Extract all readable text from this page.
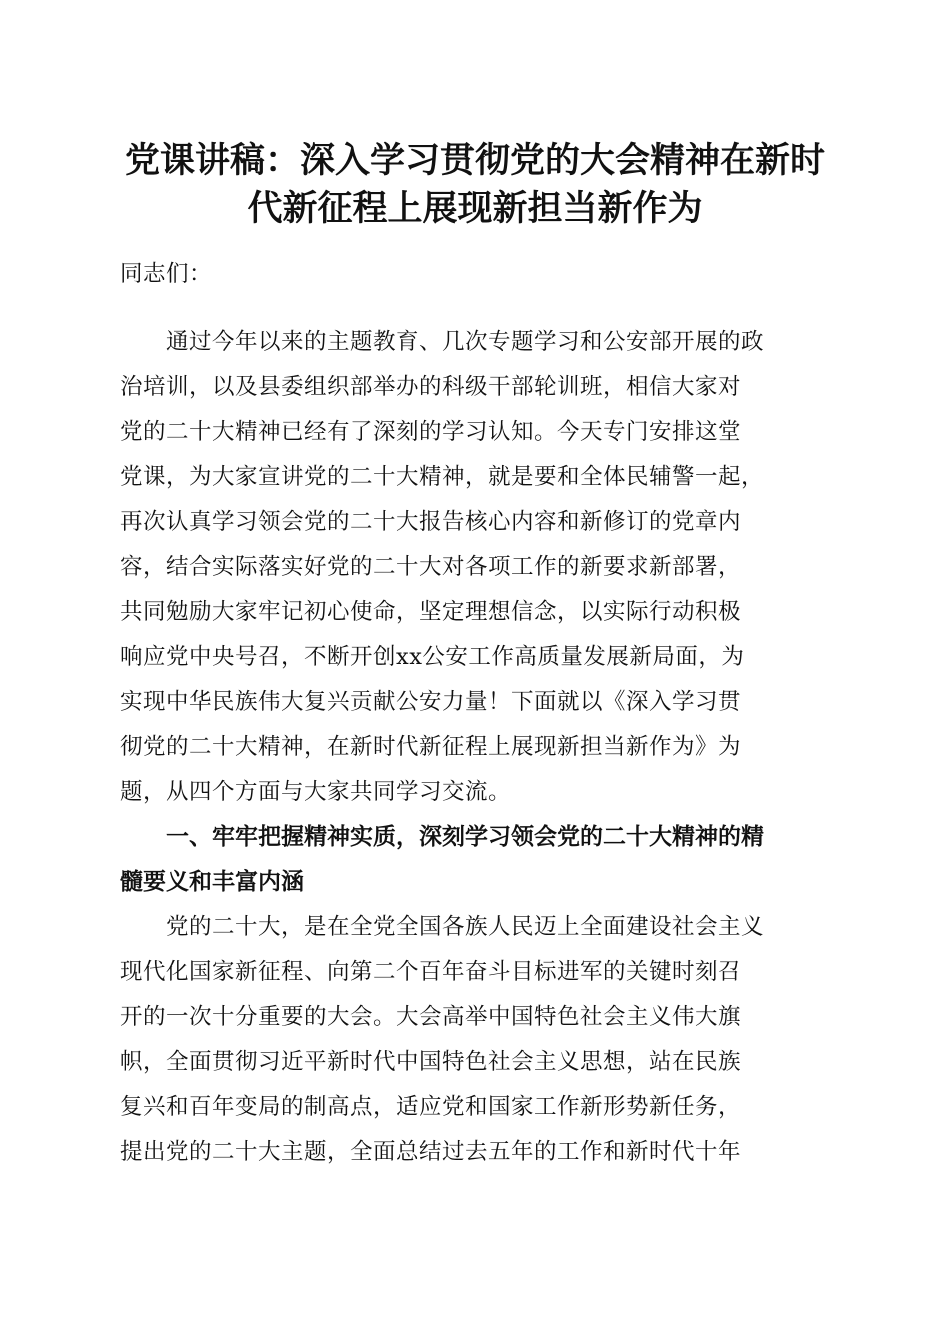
党课讲稿：深入学习贯彻党的大会精神在新时
代新征程上展现新担当新作为

同志们：

　　通过今年以来的主题教育、几次专题学习和公安部开展的政

治培训，以及县委组织部举办的科级干部轮训班，相信大家对

党的二十大精神已经有了深刻的学习认知。今天专门安排这堂

党课，为大家宣讲党的二十大精神，就是要和全体民辅警一起，

再次认真学习领会党的二十大报告核心内容和新修订的党章内

容，结合实际落实好党的二十大对各项工作的新要求新部署，

共同勉励大家牢记初心使命，坚定理想信念，以实际行动积极

响应党中央号召，不断开创xx公安工作高质量发展新局面，为

实现中华民族伟大复兴贡献公安力量！下面就以《深入学习贯

彻党的二十大精神，在新时代新征程上展现新担当新作为》为

题，从四个方面与大家共同学习交流。

　　一、牢牢把握精神实质，深刻学习领会党的二十大精神的精

髓要义和丰富内涵

　　党的二十大，是在全党全国各族人民迈上全面建设社会主义

现代化国家新征程、向第二个百年奋斗目标进军的关键时刻召

开的一次十分重要的大会。大会高举中国特色社会主义伟大旗

帜，全面贯彻习近平新时代中国特色社会主义思想，站在民族

复兴和百年变局的制高点，适应党和国家工作新形势新任务，

提出党的二十大主题，全面总结过去五年的工作和新时代十年
